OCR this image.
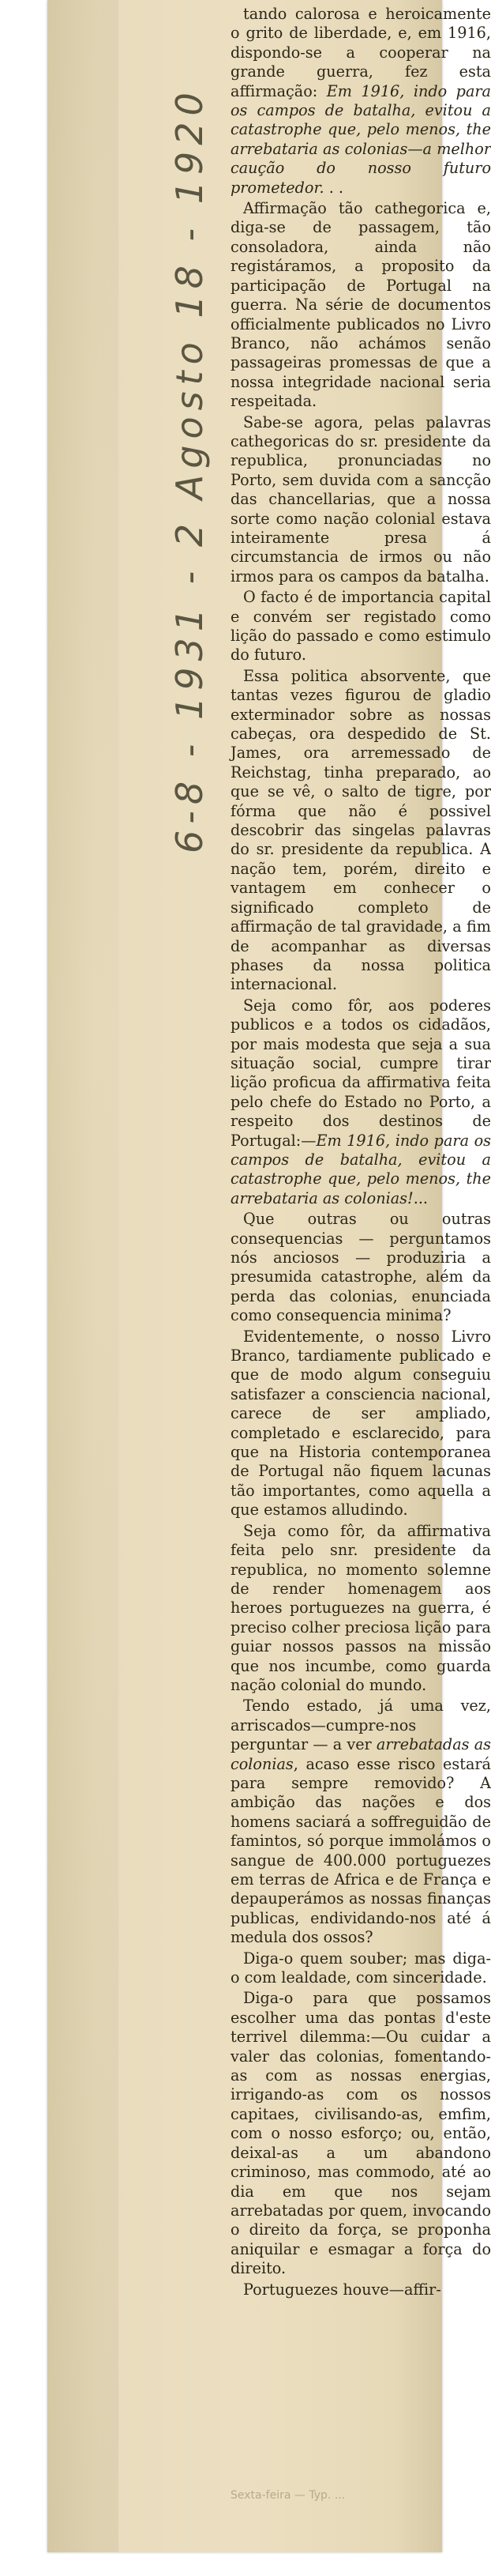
6-8 - 1931 - 2 Agosto 18 - 1920

tando calorosa e heroicamente o grito de liberdade, e, em 1916, dispondo-se a cooperar na grande guerra, fez esta affirmação: Em 1916, indo para os campos de batalha, evitou a catastrophe que, pelo menos, the arrebataria as colonias—a melhor caução do nosso futuro prometedor. . .

Affirmação tão cathegorica e, diga-se de passagem, tão consoladora, ainda não registáramos, a proposito da participação de Portugal na guerra. Na série de documentos officialmente publicados no Livro Branco, não achámos senão passageiras promessas de que a nossa integridade nacional seria respeitada.

Sabe-se agora, pelas palavras cathegoricas do sr. presidente da republica, pronunciadas no Porto, sem duvida com a sancção das chancellarias, que a nossa sorte como nação colonial estava inteiramente presa á circumstancia de irmos ou não irmos para os campos da batalha.

O facto é de importancia capital e convém ser registado como lição do passado e como estimulo do futuro.

Essa politica absorvente, que tantas vezes figurou de gladio exterminador sobre as nossas cabeças, ora despedido de St. James, ora arremessado de Reichstag, tinha preparado, ao que se vê, o salto de tigre, por fórma que não é possivel descobrir das singelas palavras do sr. presidente da republica. A nação tem, porém, direito e vantagem em conhecer o significado completo de affirmação de tal gravidade, a fim de acompanhar as diversas phases da nossa politica internacional.

Seja como fôr, aos poderes publicos e a todos os cidadãos, por mais modesta que seja a sua situação social, cumpre tirar lição proficua da affirmativa feita pelo chefe do Estado no Porto, a respeito dos destinos de Portugal:—Em 1916, indo para os campos de batalha, evitou a catastrophe que, pelo menos, the arrebataria as colonias!...

Que outras ou outras consequencias — perguntamos nós anciosos — produziria a presumida catastrophe, além da perda das colonias, enunciada como consequencia minima?

Evidentemente, o nosso Livro Branco, tardiamente publicado e que de modo algum conseguiu satisfazer a consciencia nacional, carece de ser ampliado, completado e esclarecido, para que na Historia contemporanea de Portugal não fiquem lacunas tão importantes, como aquella a que estamos alludindo.

Seja como fôr, da affirmativa feita pelo snr. presidente da republica, no momento solemne de render homenagem aos heroes portuguezes na guerra, é preciso colher preciosa lição para guiar nossos passos na missão que nos incumbe, como guarda nação colonial do mundo.

Tendo estado, já uma vez, arriscados—cumpre-nos perguntar — a ver arrebatadas as colonias, acaso esse risco estará para sempre removido? A ambição das nações e dos homens saciará a soffreguidão de famintos, só porque immolámos o sangue de 400.000 portuguezes em terras de Africa e de França e depauperámos as nossas finanças publicas, endividando-nos até á medula dos ossos?

Diga-o quem souber; mas diga-o com lealdade, com sinceridade.

Diga-o para que possamos escolher uma das pontas d'este terrivel dilemma:—Ou cuidar a valer das colonias, fomentando-as com as nossas energias, irrigando-as com os nossos capitaes, civilisando-as, emfim, com o nosso esforço; ou, então, deixal-as a um abandono criminoso, mas commodo, até ao dia em que nos sejam arrebatadas por quem, invocando o direito da força, se proponha aniquilar e esmagar a força do direito.

Portuguezes houve—affir-

Sexta-feira — Typ. ...
